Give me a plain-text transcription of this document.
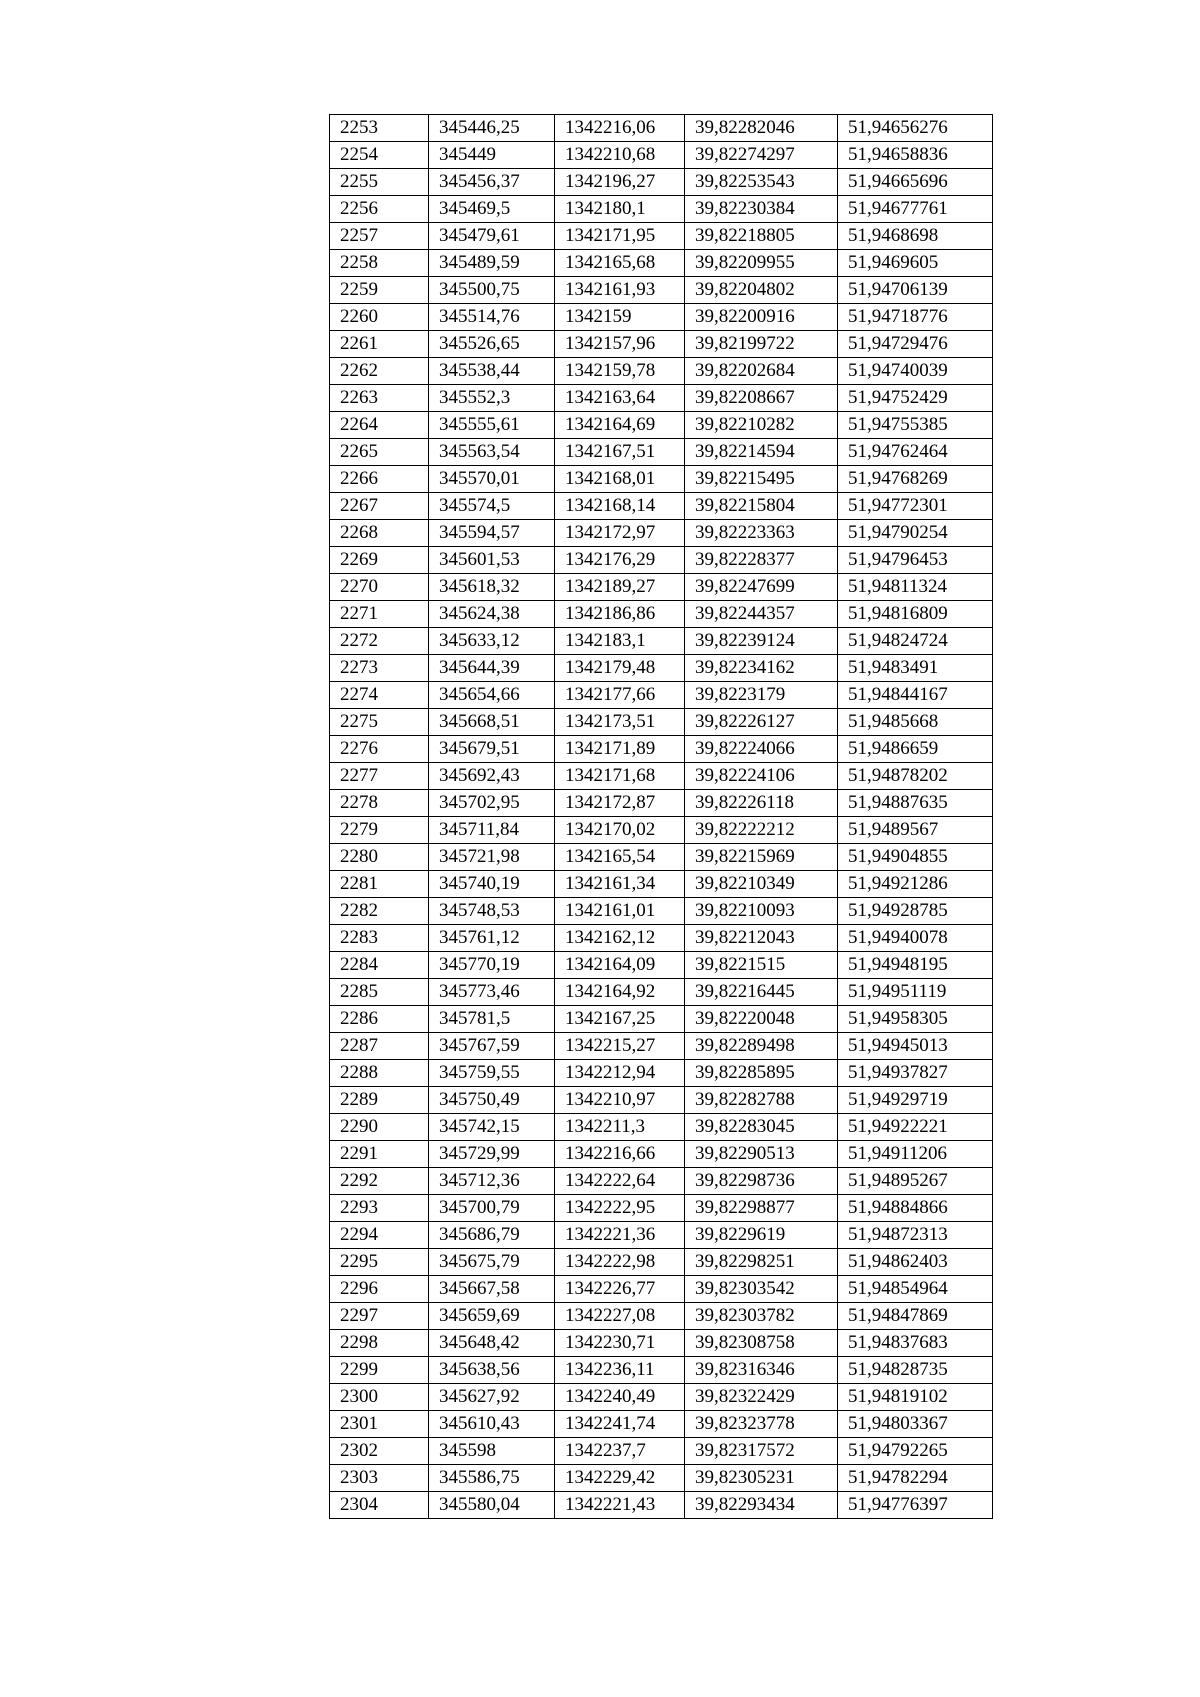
2253	345446,25	1342216,06	39,82282046	51,94656276
2254	345449	1342210,68	39,82274297	51,94658836
2255	345456,37	1342196,27	39,82253543	51,94665696
2256	345469,5	1342180,1	39,82230384	51,94677761
2257	345479,61	1342171,95	39,82218805	51,9468698
2258	345489,59	1342165,68	39,82209955	51,9469605
2259	345500,75	1342161,93	39,82204802	51,94706139
2260	345514,76	1342159	39,82200916	51,94718776
2261	345526,65	1342157,96	39,82199722	51,94729476
2262	345538,44	1342159,78	39,82202684	51,94740039
2263	345552,3	1342163,64	39,82208667	51,94752429
2264	345555,61	1342164,69	39,82210282	51,94755385
2265	345563,54	1342167,51	39,82214594	51,94762464
2266	345570,01	1342168,01	39,82215495	51,94768269
2267	345574,5	1342168,14	39,82215804	51,94772301
2268	345594,57	1342172,97	39,82223363	51,94790254
2269	345601,53	1342176,29	39,82228377	51,94796453
2270	345618,32	1342189,27	39,82247699	51,94811324
2271	345624,38	1342186,86	39,82244357	51,94816809
2272	345633,12	1342183,1	39,82239124	51,94824724
2273	345644,39	1342179,48	39,82234162	51,9483491
2274	345654,66	1342177,66	39,8223179	51,94844167
2275	345668,51	1342173,51	39,82226127	51,9485668
2276	345679,51	1342171,89	39,82224066	51,9486659
2277	345692,43	1342171,68	39,82224106	51,94878202
2278	345702,95	1342172,87	39,82226118	51,94887635
2279	345711,84	1342170,02	39,82222212	51,9489567
2280	345721,98	1342165,54	39,82215969	51,94904855
2281	345740,19	1342161,34	39,82210349	51,94921286
2282	345748,53	1342161,01	39,82210093	51,94928785
2283	345761,12	1342162,12	39,82212043	51,94940078
2284	345770,19	1342164,09	39,8221515	51,94948195
2285	345773,46	1342164,92	39,82216445	51,94951119
2286	345781,5	1342167,25	39,82220048	51,94958305
2287	345767,59	1342215,27	39,82289498	51,94945013
2288	345759,55	1342212,94	39,82285895	51,94937827
2289	345750,49	1342210,97	39,82282788	51,94929719
2290	345742,15	1342211,3	39,82283045	51,94922221
2291	345729,99	1342216,66	39,82290513	51,94911206
2292	345712,36	1342222,64	39,82298736	51,94895267
2293	345700,79	1342222,95	39,82298877	51,94884866
2294	345686,79	1342221,36	39,8229619	51,94872313
2295	345675,79	1342222,98	39,82298251	51,94862403
2296	345667,58	1342226,77	39,82303542	51,94854964
2297	345659,69	1342227,08	39,82303782	51,94847869
2298	345648,42	1342230,71	39,82308758	51,94837683
2299	345638,56	1342236,11	39,82316346	51,94828735
2300	345627,92	1342240,49	39,82322429	51,94819102
2301	345610,43	1342241,74	39,82323778	51,94803367
2302	345598	1342237,7	39,82317572	51,94792265
2303	345586,75	1342229,42	39,82305231	51,94782294
2304	345580,04	1342221,43	39,82293434	51,94776397
